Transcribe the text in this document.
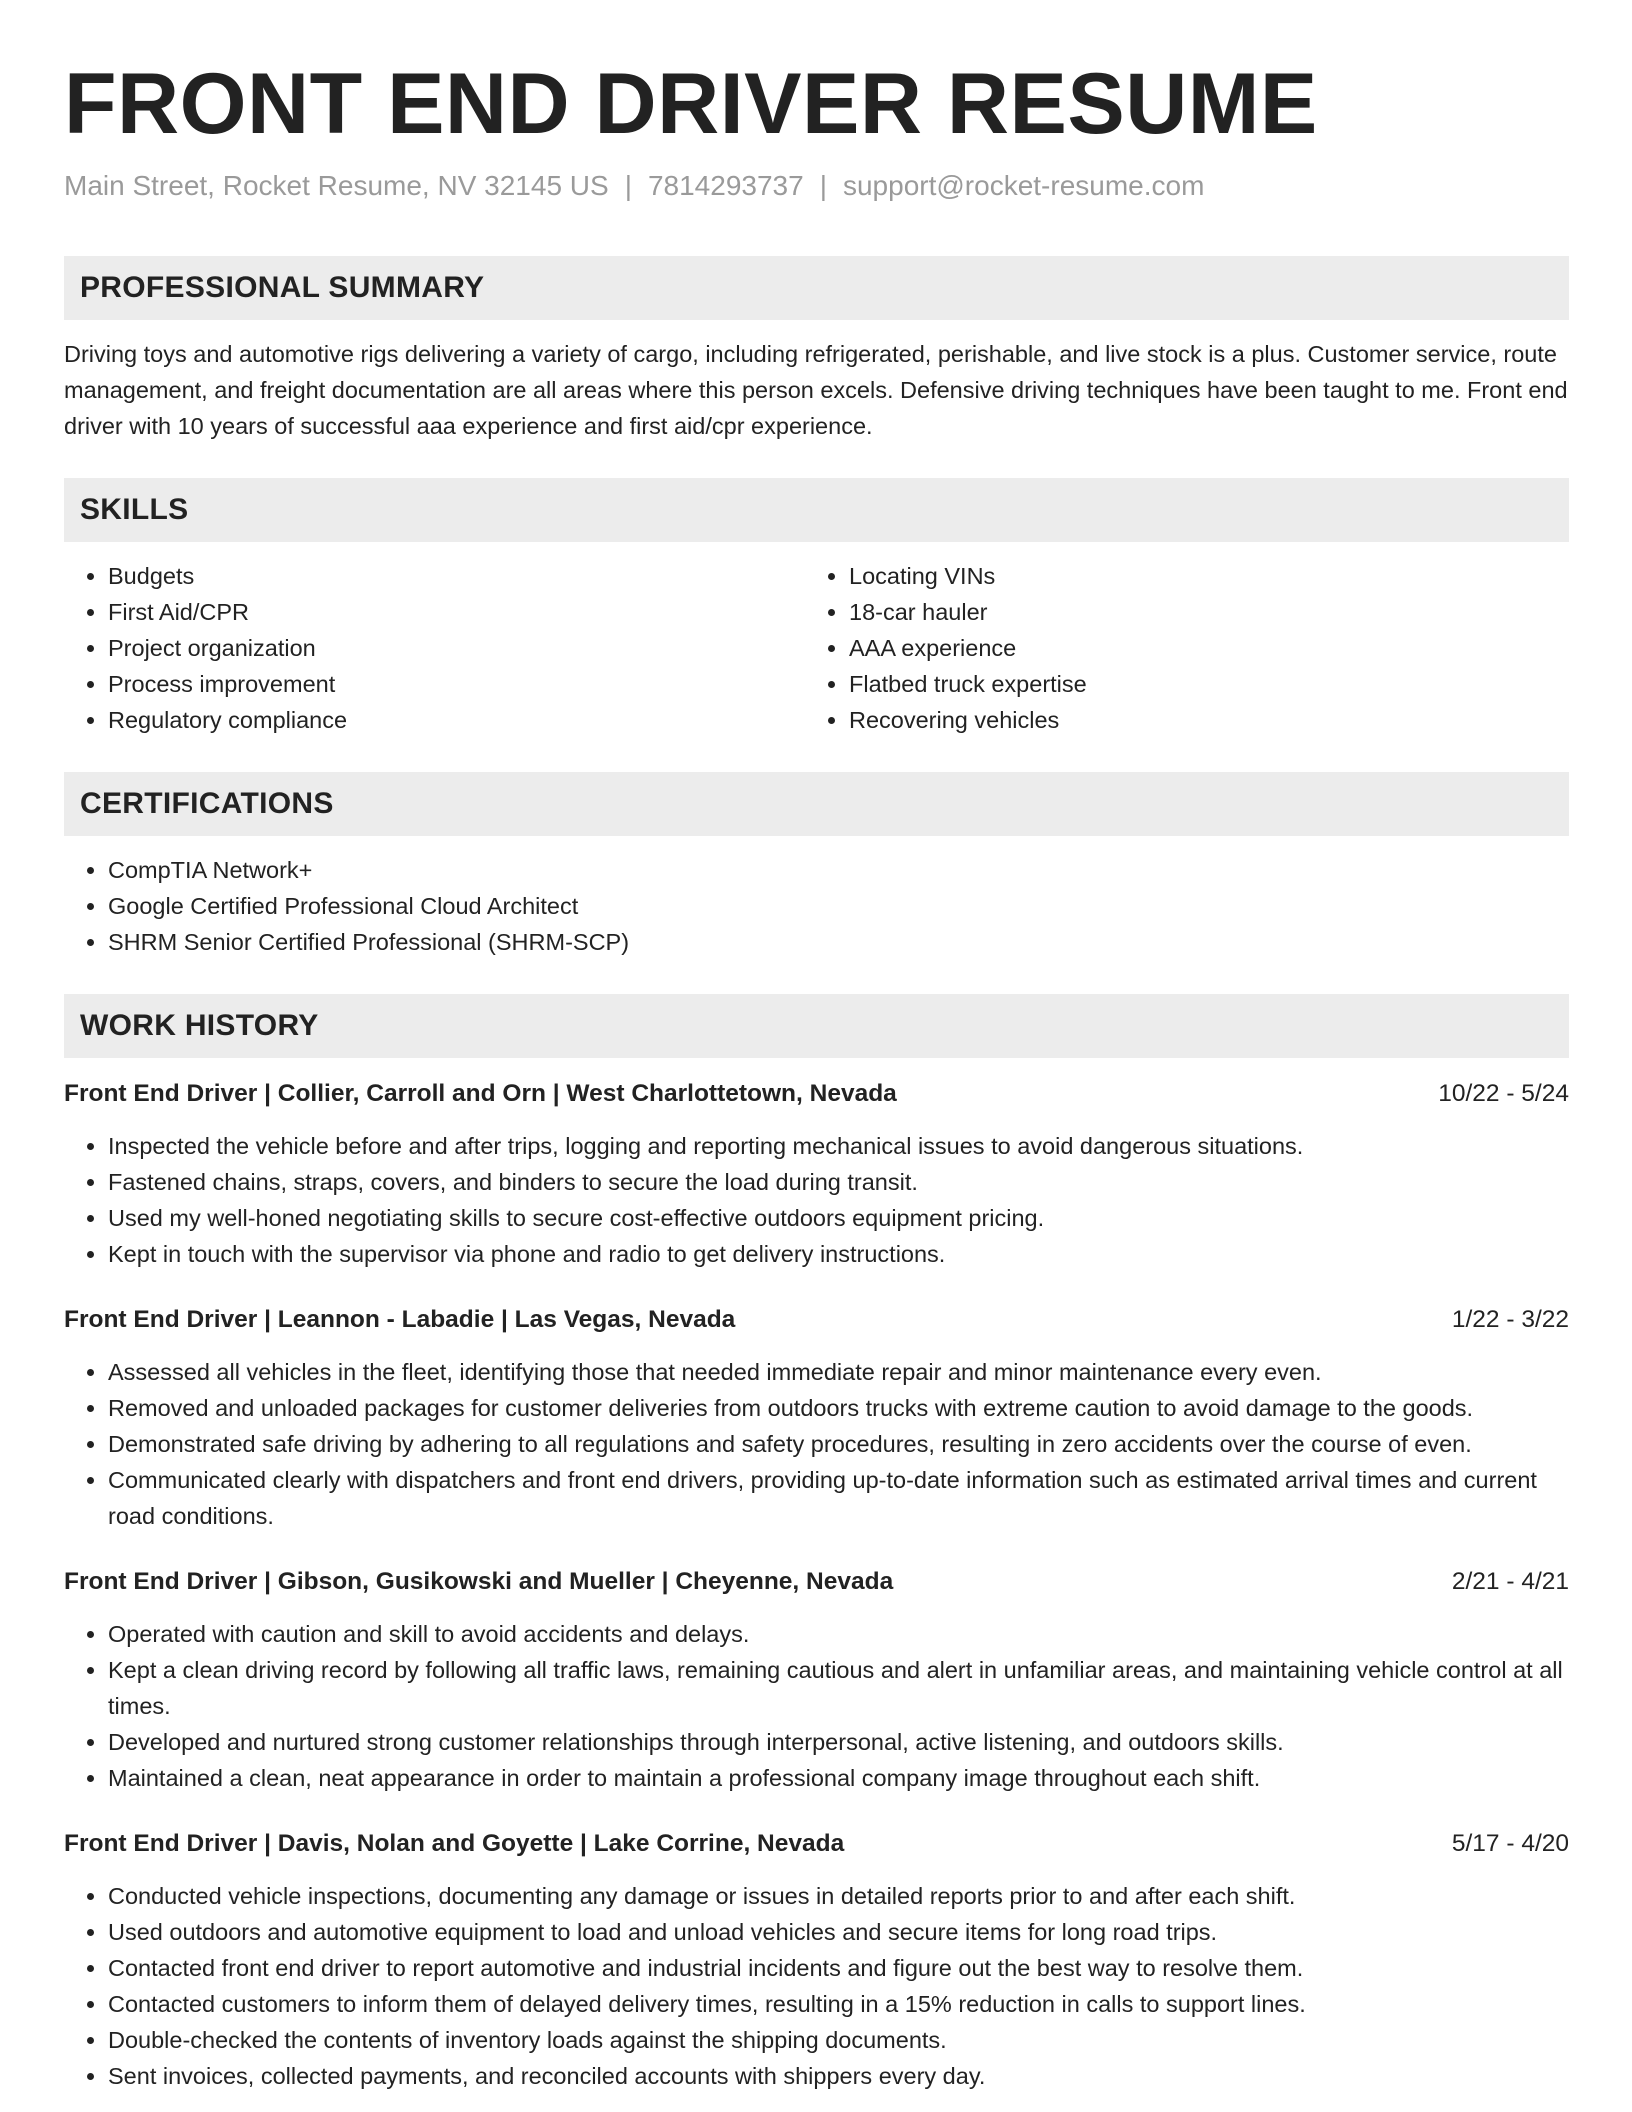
FRONT END DRIVER RESUME
Main Street, Rocket Resume, NV 32145 US | 7814293737 | support@rocket-resume.com
PROFESSIONAL SUMMARY
Driving toys and automotive rigs delivering a variety of cargo, including refrigerated, perishable, and live stock is a plus. Customer service, route management, and freight documentation are all areas where this person excels. Defensive driving techniques have been taught to me. Front end driver with 10 years of successful aaa experience and first aid/cpr experience.
SKILLS
• Budgets
• First Aid/CPR
• Project organization
• Process improvement
• Regulatory compliance
• Locating VINs
• 18-car hauler
• AAA experience
• Flatbed truck expertise
• Recovering vehicles
CERTIFICATIONS
• CompTIA Network+
• Google Certified Professional Cloud Architect
• SHRM Senior Certified Professional (SHRM-SCP)
WORK HISTORY
Front End Driver | Collier, Carroll and Orn | West Charlottetown, Nevada	10/22 - 5/24
• Inspected the vehicle before and after trips, logging and reporting mechanical issues to avoid dangerous situations.
• Fastened chains, straps, covers, and binders to secure the load during transit.
• Used my well-honed negotiating skills to secure cost-effective outdoors equipment pricing.
• Kept in touch with the supervisor via phone and radio to get delivery instructions.
Front End Driver | Leannon - Labadie | Las Vegas, Nevada	1/22 - 3/22
• Assessed all vehicles in the fleet, identifying those that needed immediate repair and minor maintenance every even.
• Removed and unloaded packages for customer deliveries from outdoors trucks with extreme caution to avoid damage to the goods.
• Demonstrated safe driving by adhering to all regulations and safety procedures, resulting in zero accidents over the course of even.
• Communicated clearly with dispatchers and front end drivers, providing up-to-date information such as estimated arrival times and current road conditions.
Front End Driver | Gibson, Gusikowski and Mueller | Cheyenne, Nevada	2/21 - 4/21
• Operated with caution and skill to avoid accidents and delays.
• Kept a clean driving record by following all traffic laws, remaining cautious and alert in unfamiliar areas, and maintaining vehicle control at all times.
• Developed and nurtured strong customer relationships through interpersonal, active listening, and outdoors skills.
• Maintained a clean, neat appearance in order to maintain a professional company image throughout each shift.
Front End Driver | Davis, Nolan and Goyette | Lake Corrine, Nevada	5/17 - 4/20
• Conducted vehicle inspections, documenting any damage or issues in detailed reports prior to and after each shift.
• Used outdoors and automotive equipment to load and unload vehicles and secure items for long road trips.
• Contacted front end driver to report automotive and industrial incidents and figure out the best way to resolve them.
• Contacted customers to inform them of delayed delivery times, resulting in a 15% reduction in calls to support lines.
• Double-checked the contents of inventory loads against the shipping documents.
• Sent invoices, collected payments, and reconciled accounts with shippers every day.
